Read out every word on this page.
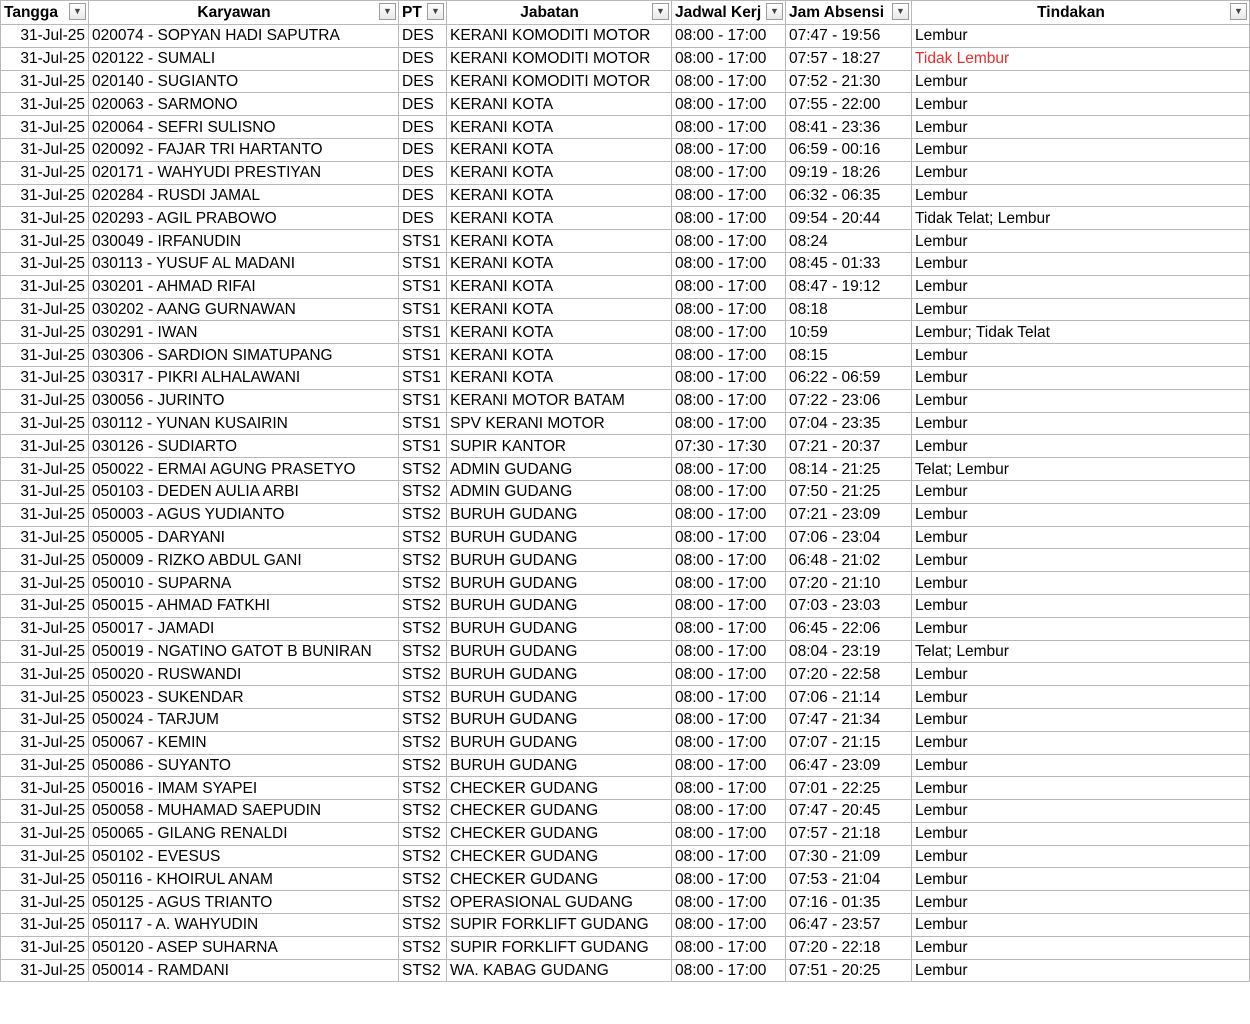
Tangga ▼	Karyawan ▼	PT ▼	Jabatan ▼	Jadwal Kerj ▼	Jam Absensi ▼	Tindakan ▼

31-Jul-25	020074 - SOPYAN HADI SAPUTRA	DES	KERANI KOMODITI MOTOR	08:00 - 17:00	07:47 - 19:56	Lembur
31-Jul-25	020122 - SUMALI	DES	KERANI KOMODITI MOTOR	08:00 - 17:00	07:57 - 18:27	Tidak Lembur
31-Jul-25	020140 - SUGIANTO	DES	KERANI KOMODITI MOTOR	08:00 - 17:00	07:52 - 21:30	Lembur
31-Jul-25	020063 - SARMONO	DES	KERANI KOTA	08:00 - 17:00	07:55 - 22:00	Lembur
31-Jul-25	020064 - SEFRI SULISNO	DES	KERANI KOTA	08:00 - 17:00	08:41 - 23:36	Lembur
31-Jul-25	020092 - FAJAR TRI HARTANTO	DES	KERANI KOTA	08:00 - 17:00	06:59 - 00:16	Lembur
31-Jul-25	020171 - WAHYUDI PRESTIYAN	DES	KERANI KOTA	08:00 - 17:00	09:19 - 18:26	Lembur
31-Jul-25	020284 - RUSDI JAMAL	DES	KERANI KOTA	08:00 - 17:00	06:32 - 06:35	Lembur
31-Jul-25	020293 - AGIL PRABOWO	DES	KERANI KOTA	08:00 - 17:00	09:54 - 20:44	Tidak Telat; Lembur
31-Jul-25	030049 - IRFANUDIN	STS1	KERANI KOTA	08:00 - 17:00	08:24	Lembur
31-Jul-25	030113 - YUSUF AL MADANI	STS1	KERANI KOTA	08:00 - 17:00	08:45 - 01:33	Lembur
31-Jul-25	030201 - AHMAD RIFAI	STS1	KERANI KOTA	08:00 - 17:00	08:47 - 19:12	Lembur
31-Jul-25	030202 - AANG GURNAWAN	STS1	KERANI KOTA	08:00 - 17:00	08:18	Lembur
31-Jul-25	030291 - IWAN	STS1	KERANI KOTA	08:00 - 17:00	10:59	Lembur; Tidak Telat
31-Jul-25	030306 - SARDION SIMATUPANG	STS1	KERANI KOTA	08:00 - 17:00	08:15	Lembur
31-Jul-25	030317 - PIKRI ALHALAWANI	STS1	KERANI KOTA	08:00 - 17:00	06:22 - 06:59	Lembur
31-Jul-25	030056 - JURINTO	STS1	KERANI MOTOR BATAM	08:00 - 17:00	07:22 - 23:06	Lembur
31-Jul-25	030112 - YUNAN KUSAIRIN	STS1	SPV KERANI MOTOR	08:00 - 17:00	07:04 - 23:35	Lembur
31-Jul-25	030126 - SUDIARTO	STS1	SUPIR KANTOR	07:30 - 17:30	07:21 - 20:37	Lembur
31-Jul-25	050022 - ERMAI AGUNG PRASETYO	STS2	ADMIN GUDANG	08:00 - 17:00	08:14 - 21:25	Telat; Lembur
31-Jul-25	050103 - DEDEN AULIA ARBI	STS2	ADMIN GUDANG	08:00 - 17:00	07:50 - 21:25	Lembur
31-Jul-25	050003 - AGUS YUDIANTO	STS2	BURUH GUDANG	08:00 - 17:00	07:21 - 23:09	Lembur
31-Jul-25	050005 - DARYANI	STS2	BURUH GUDANG	08:00 - 17:00	07:06 - 23:04	Lembur
31-Jul-25	050009 - RIZKO ABDUL GANI	STS2	BURUH GUDANG	08:00 - 17:00	06:48 - 21:02	Lembur
31-Jul-25	050010 - SUPARNA	STS2	BURUH GUDANG	08:00 - 17:00	07:20 - 21:10	Lembur
31-Jul-25	050015 - AHMAD FATKHI	STS2	BURUH GUDANG	08:00 - 17:00	07:03 - 23:03	Lembur
31-Jul-25	050017 - JAMADI	STS2	BURUH GUDANG	08:00 - 17:00	06:45 - 22:06	Lembur
31-Jul-25	050019 - NGATINO GATOT B BUNIRAN	STS2	BURUH GUDANG	08:00 - 17:00	08:04 - 23:19	Telat; Lembur
31-Jul-25	050020 - RUSWANDI	STS2	BURUH GUDANG	08:00 - 17:00	07:20 - 22:58	Lembur
31-Jul-25	050023 - SUKENDAR	STS2	BURUH GUDANG	08:00 - 17:00	07:06 - 21:14	Lembur
31-Jul-25	050024 - TARJUM	STS2	BURUH GUDANG	08:00 - 17:00	07:47 - 21:34	Lembur
31-Jul-25	050067 - KEMIN	STS2	BURUH GUDANG	08:00 - 17:00	07:07 - 21:15	Lembur
31-Jul-25	050086 - SUYANTO	STS2	BURUH GUDANG	08:00 - 17:00	06:47 - 23:09	Lembur
31-Jul-25	050016 - IMAM SYAPEI	STS2	CHECKER GUDANG	08:00 - 17:00	07:01 - 22:25	Lembur
31-Jul-25	050058 - MUHAMAD SAEPUDIN	STS2	CHECKER GUDANG	08:00 - 17:00	07:47 - 20:45	Lembur
31-Jul-25	050065 - GILANG RENALDI	STS2	CHECKER GUDANG	08:00 - 17:00	07:57 - 21:18	Lembur
31-Jul-25	050102 - EVESUS	STS2	CHECKER GUDANG	08:00 - 17:00	07:30 - 21:09	Lembur
31-Jul-25	050116 - KHOIRUL ANAM	STS2	CHECKER GUDANG	08:00 - 17:00	07:53 - 21:04	Lembur
31-Jul-25	050125 - AGUS TRIANTO	STS2	OPERASIONAL GUDANG	08:00 - 17:00	07:16 - 01:35	Lembur
31-Jul-25	050117 - A. WAHYUDIN	STS2	SUPIR FORKLIFT GUDANG	08:00 - 17:00	06:47 - 23:57	Lembur
31-Jul-25	050120 - ASEP SUHARNA	STS2	SUPIR FORKLIFT GUDANG	08:00 - 17:00	07:20 - 22:18	Lembur
31-Jul-25	050014 - RAMDANI	STS2	WA. KABAG GUDANG	08:00 - 17:00	07:51 - 20:25	Lembur
